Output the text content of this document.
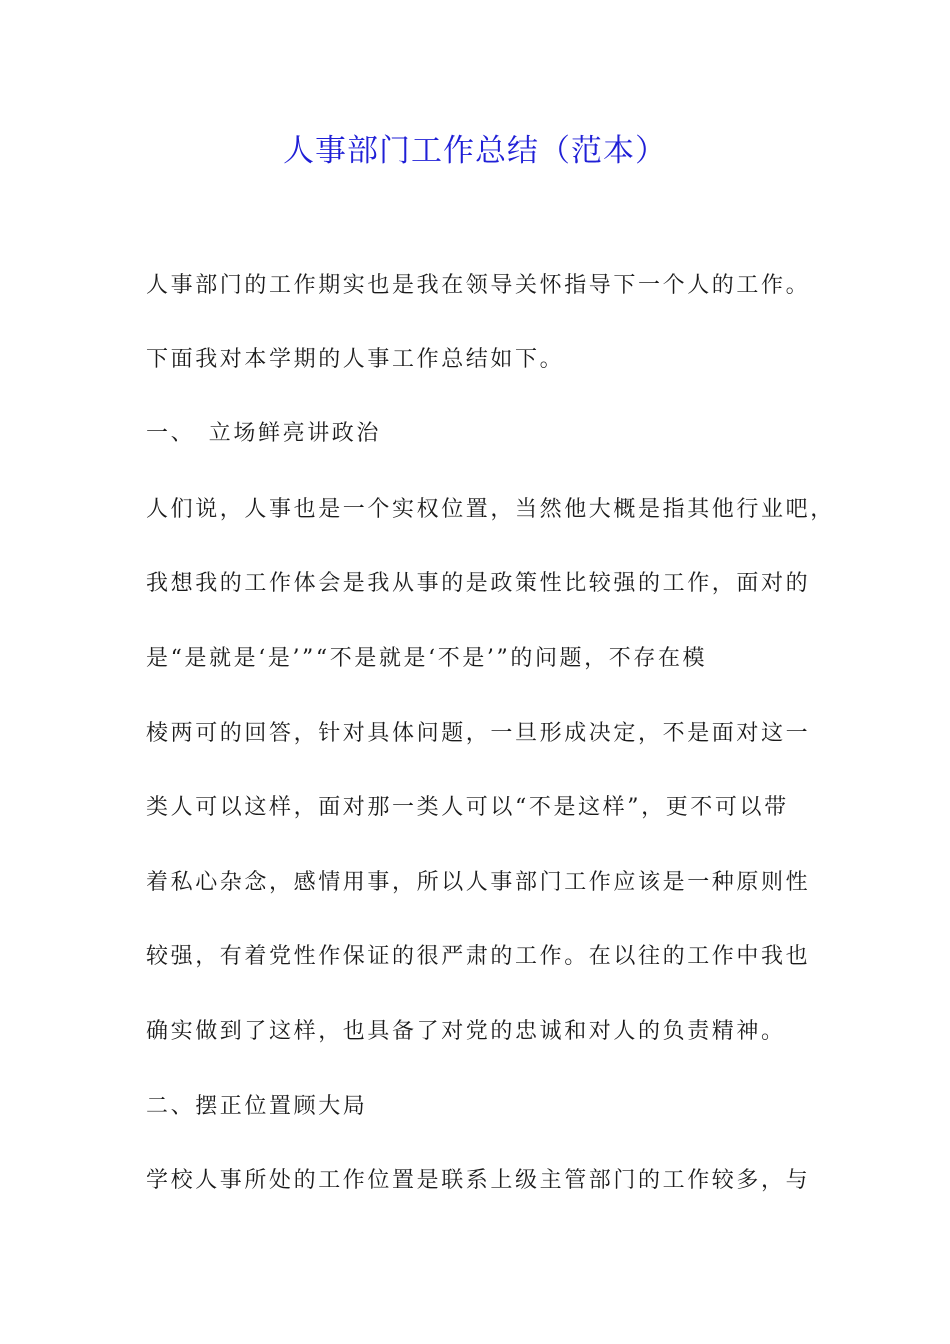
人事部门工作总结（范本）
人事部门的工作期实也是我在领导关怀指导下一个人的工作。
下面我对本学期的人事工作总结如下。
一、　立场鲜亮讲政治
人们说，人事也是一个实权位置，当然他大概是指其他行业吧，
我想我的工作体会是我从事的是政策性比较强的工作，面对的
是“是就是‘是’”“不是就是‘不是’”的问题，不存在模
棱两可的回答，针对具体问题，一旦形成决定，不是面对这一
类人可以这样，面对那一类人可以“不是这样”，更不可以带
着私心杂念，感情用事，所以人事部门工作应该是一种原则性
较强，有着党性作保证的很严肃的工作。在以往的工作中我也
确实做到了这样，也具备了对党的忠诚和对人的负责精神。
二、摆正位置顾大局
学校人事所处的工作位置是联系上级主管部门的工作较多，与
